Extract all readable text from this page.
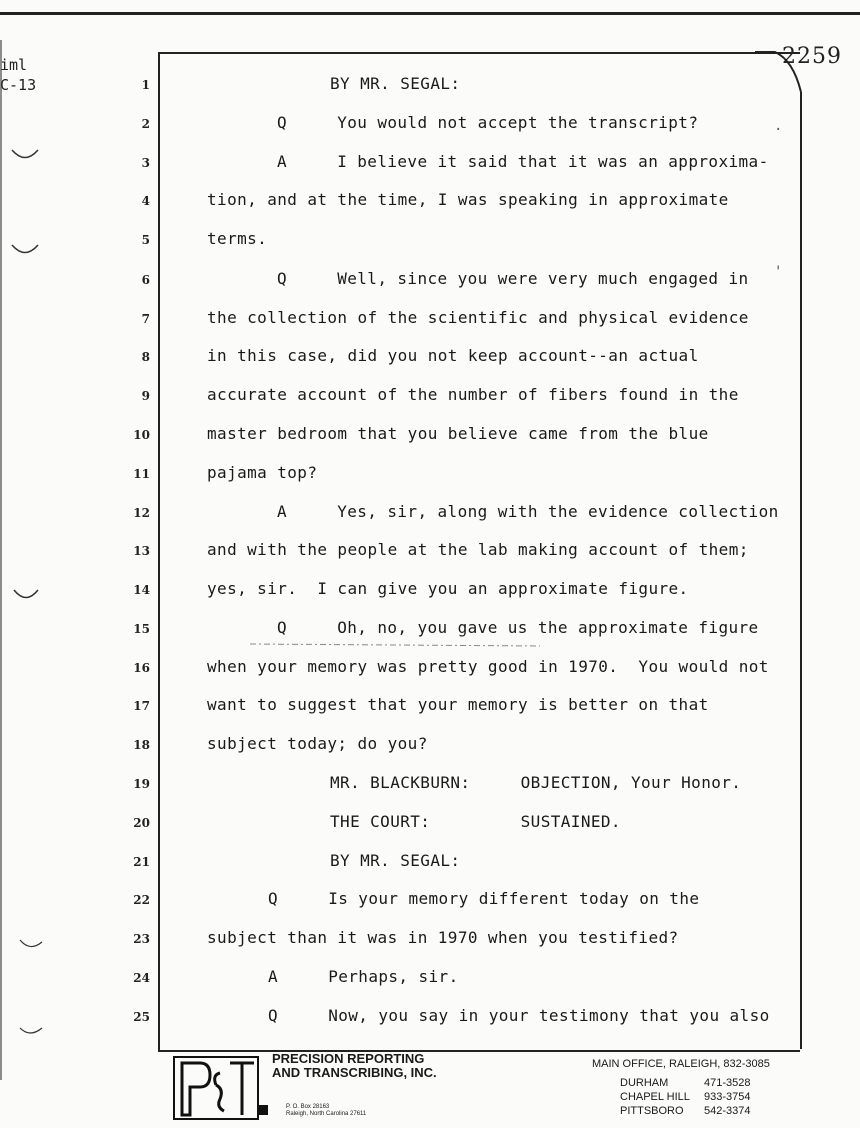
iml
C-13
2259
1
2
3
4
5
6
7
8
9
10
11
12
13
14
15
16
17
18
19
20
21
22
23
24
25
BY MR. SEGAL:
Q     You would not accept the transcript?
A     I believe it said that it was an approxima-
tion, and at the time, I was speaking in approximate
terms.
Q     Well, since you were very much engaged in
the collection of the scientific and physical evidence
in this case, did you not keep account--an actual
accurate account of the number of fibers found in the
master bedroom that you believe came from the blue
pajama top?
A     Yes, sir, along with the evidence collection
and with the people at the lab making account of them;
yes, sir.  I can give you an approximate figure.
Q     Oh, no, you gave us the approximate figure
when your memory was pretty good in 1970.  You would not
want to suggest that your memory is better on that
subject today; do you?
MR. BLACKBURN:     OBJECTION, Your Honor.
THE COURT:         SUSTAINED.
BY MR. SEGAL:
Q     Is your memory different today on the
subject than it was in 1970 when you testified?
A     Perhaps, sir.
Q     Now, you say in your testimony that you also
·
'
PRECISION REPORTING
AND TRANSCRIBING, INC.
P. O. Box 28163
Raleigh, North Carolina 27611
MAIN OFFICE, RALEIGH, 832-3085
DURHAM	471-3528
CHAPEL HILL 933-3754
PITTSBORO 542-3374
